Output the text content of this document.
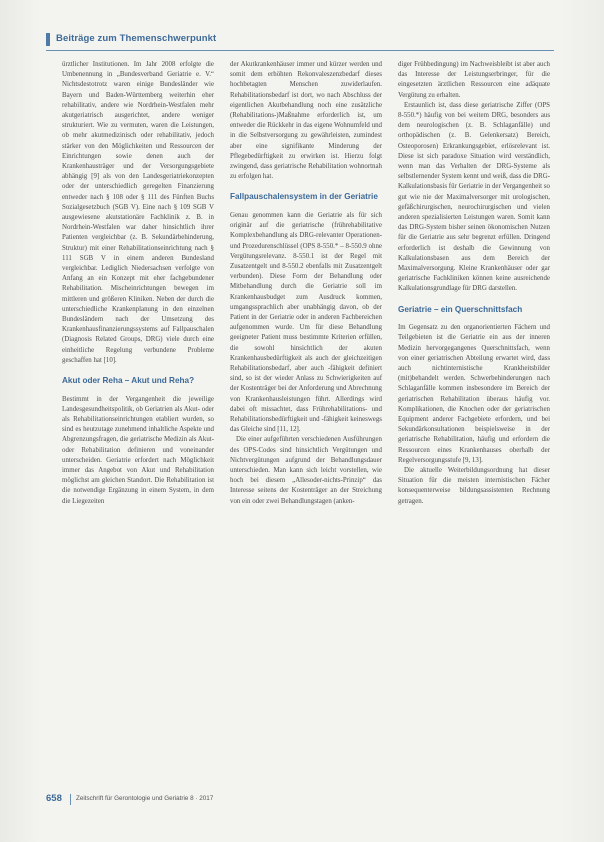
Beiträge zum Themenschwerpunkt

ürztlicher Institutionen. Im Jahr 2008 erfolgte die Umbenennung in „Bundesverband Geriatrie e. V.“ Nichtsdestotrotz waren einige Bundesländer wie Bayern und Baden-Württemberg weiterhin eher rehabilitativ, andere wie Nordrhein-Westfalen mehr akutgeriatrisch ausgerichtet, andere weniger strukturiert. Wie zu vermuten, waren die Leistungen, ob mehr akutmedizinisch oder rehabilitativ, jedoch stärker von den Möglichkeiten und Ressourcen der Einrichtungen sowie denen auch der Krankenhausträger und der Versorgungsgebiete abhängig [9] als von den Landesgeriatriekonzepten oder der unterschiedlich geregelten Finanzierung entweder nach § 108 oder § 111 des Fünften Buchs Sozialgesetzbuch (SGB V). Eine nach § 109 SGB V ausgewiesene akutstationäre Fachklinik z. B. in Nordrhein-Westfalen war daher hinsichtlich ihrer Patienten vergleichbar (z. B. Sekundärbehinderung, Struktur) mit einer Rehabilitationseinrichtung nach § 111 SGB V in einem anderen Bundesland vergleichbar. Lediglich Niedersachsen verfolgte von Anfang an ein Konzept mit eher fachgebundener Rehabilitation. Mischeinrichtungen bewegen im mittleren und größeren Kliniken. Neben der durch die unterschiedliche Krankenplanung in den einzelnen Bundesländern nach der Umsetzung des Krankenhausfinanzierungssystems auf Fallpauschalen (Diagnosis Related Groups, DRG) viele durch eine einheitliche Regelung verbundene Probleme geschaffen hat [10].

Akut oder Reha – Akut und Reha?

Bestimmt in der Vergangenheit die jeweilige Landesgesundheitspolitik, ob Geriatrien als Akut- oder als Rehabilitationseinrichtungen etabliert wurden, so sind es heutzutage zunehmend inhaltliche Aspekte und Abgrenzungsfragen, die geriatrische Medizin als Akut- oder Rehabilitation definieren und voneinander unterscheiden. Geriatrie erfordert nach Möglichkeit immer das Angebot von Akut und Rehabilitation möglichst am gleichen Standort. Die Rehabilitation ist die notwendige Ergänzung in einem System, in dem die Liegezeiten

der Akutkrankenhäuser immer und kürzer werden und somit dem erhöhten Rekonvaleszenzbedarf dieses hochbetagten Menschen zuwiderlaufen. Rehabilitationsbedarf ist dort, wo nach Abschluss der eigentlichen Akutbehandlung noch eine zusätzliche (Rehabilitations-)Maßnahme erforderlich ist, um entweder die Rückkehr in das eigene Wohnumfeld und in die Selbstversorgung zu gewährleisten, zumindest aber eine signifikante Minderung der Pflegebedürftigkeit zu erwirken ist. Hierzu folgt zwingend, dass geriatrische Rehabilitation wohnortnah zu erfolgen hat.

Fallpauschalensystem in der Geriatrie

Genau genommen kann die Geriatrie als für sich originär auf die geriatrische (frührehabilitative Komplexbehandlung als DRG-relevanter Operationen- und Prozedurenschlüssel (OPS 8-550.* – 8-550.9 ohne Vergütungsrelevanz. 8-550.1 ist der Regel mit Zusatzentgelt und 8-550.2 ebenfalls mit Zusatzentgelt verbunden). Diese Form der Behandlung oder Mitbehandlung durch die Geriatrie soll im Krankenhausbudget zum Ausdruck kommen, umgangssprachlich aber unabhängig davon, ob der Patient in der Geriatrie oder in anderen Fachbereichen aufgenommen wurde. Um für diese Behandlung geeigneter Patient muss bestimmte Kriterien erfüllen, die sowohl hinsichtlich der akuten Krankenhausbedürftigkeit als auch der gleichzeitigen Rehabilitationsbedarf, aber auch -fähigkeit definiert sind, so ist der wieder Anlass zu Schwierigkeiten auf der Kostenträger bei der Anforderung und Abrechnung von Krankenhausleistungen führt. Allerdings wird dabei oft missachtet, dass Frührehabilitations- und Rehabilitationsbedürftigkeit und -fähigkeit keineswegs das Gleiche sind [11, 12].

Die einer aufgeführten verschiedenen Ausführungen des OPS-Codes sind hinsichtlich Vergütungen und Nichtvergütungen aufgrund der Behandlungsdauer unterschieden. Man kann sich leicht vorstellen, wie hoch bei diesem „Allesoder-nichts-Prinzip“ das Interesse seitens der Kostenträger an der Streichung von ein oder zwei Behandlungstagen (anken-

diger Frühbedingung) im Nachweisbleibt ist aber auch das Interesse der Leistungserbringer, für die eingesetzten ärztlichen Ressourcen eine adäquate Vergütung zu erhalten.

Erstaunlich ist, dass diese geriatrische Ziffer (OPS 8-550.*) häufig von bei weitem DRG, besonders aus dem neurologischen (z. B. Schlaganfälle) und orthopädischen (z. B. Gelenkersatz) Bereich, Osteoporosen) Erkrankungsgebiet, erlösrelevant ist. Diese ist sich paradoxe Situation wird verständlich, wenn man das Verhalten der DRG-Systeme als selbstlernender System kennt und weiß, dass die DRG-Kalkulationsbasis für Geriatrie in der Vergangenheit so gut wie nie der Maximalversorger mit urologischen, gefäßchirurgischen, neurochirurgischen und vielen anderen spezialisierten Leistungen waren. Somit kann das DRG-System bisher seinen ökonomischen Nutzen für die Geriatrie aus sehr begrenzt erfüllen. Dringend erforderlich ist deshalb die Gewinnung von Kalkulationsbasen aus dem Bereich der Maximalversorgung. Kleine Krankenhäuser oder gar geriatrische Fachkliniken können keine ausreichende Kalkulationsgrundlage für DRG darstellen.

Geriatrie – ein Querschnittsfach

Im Gegensatz zu den organorientierten Fächern und Teilgebieten ist die Geriatrie ein aus der inneren Medizin hervorgegangenes Querschnittsfach, wenn von einer geriatrischen Abteilung erwartet wird, dass auch nichtinternistische Krankheitsbilder (mit)behandelt werden. Schwerbehinderungen nach Schlaganfälle kommen insbesondere im Bereich der geriatrischen Rehabilitation überaus häufig vor. Komplikationen, die Knochen oder der geriatrischen Equipment anderer Fachgebiete erfordern, und bei Sekundärkonsultationen beispielsweise in der geriatrische Rehabilitation, häufig und erfordern die Ressourcen eines Krankenhauses oberhalb der Regelversorgungsstufe [9, 13].

Die aktuelle Weiterbildungsordnung hat dieser Situation für die meisten internistischen Fächer konsequenterweise bildungsassistenten Rechnung getragen.

658 Zeitschrift für Gerontologie und Geriatrie 8 · 2017
